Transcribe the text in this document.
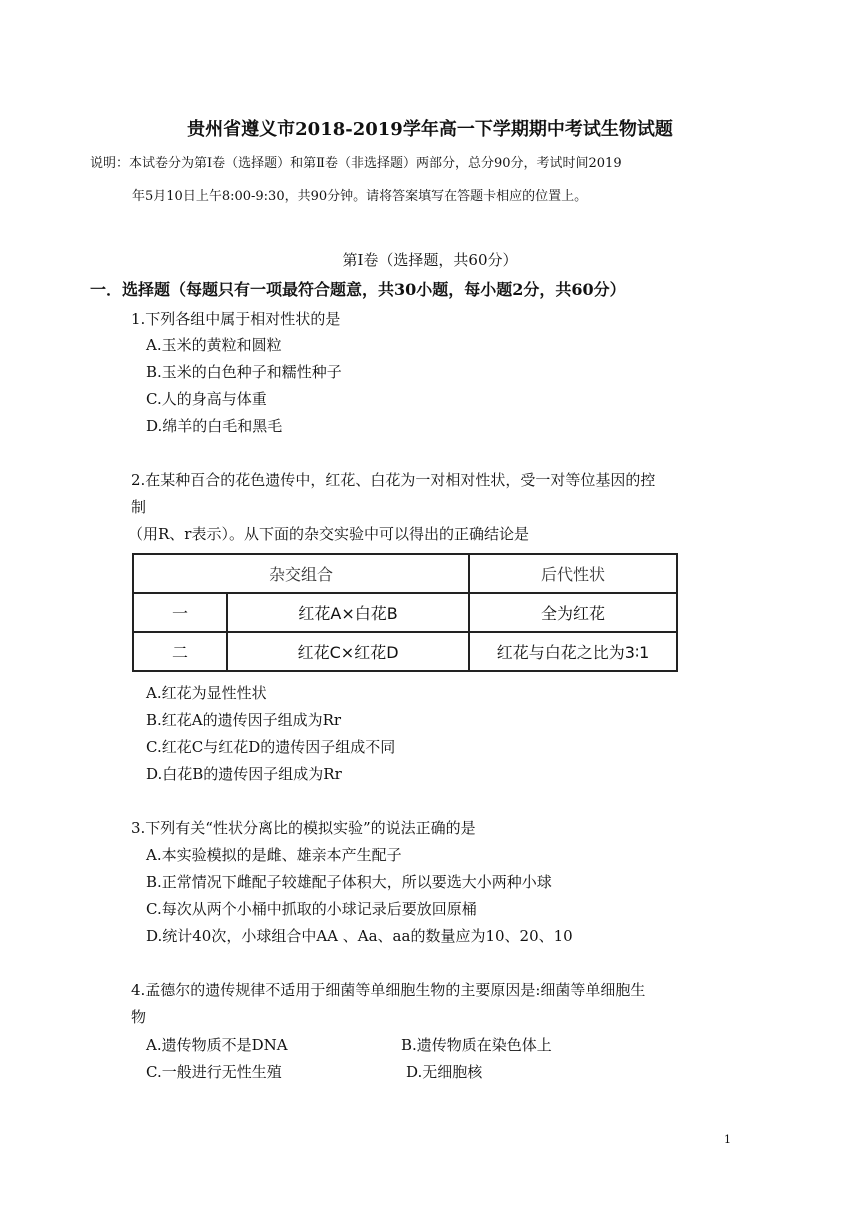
贵州省遵义市2018-2019学年高一下学期期中考试生物试题
说明：本试卷分为第Ⅰ卷（选择题）和第Ⅱ卷（非选择题）两部分，总分90分，考试时间2019
年5月10日上午8:00-9:30，共90分钟。请将答案填写在答题卡相应的位置上。
第Ⅰ卷（选择题，共60分）
一．选择题（每题只有一项最符合题意，共30小题，每小题2分，共60分）
1.下列各组中属于相对性状的是
A.玉米的黄粒和圆粒
B.玉米的白色种子和糯性种子
C.人的身高与体重
D.绵羊的白毛和黑毛
2.在某种百合的花色遗传中，红花、白花为一对相对性状，受一对等位基因的控
制
（用R、r表示）。从下面的杂交实验中可以得出的正确结论是
杂交组合		后代性状
一	红花A×白花B	全为红花
二	红花C×红花D	红花与白花之比为3∶1
A.红花为显性性状
B.红花A的遗传因子组成为Rr
C.红花C与红花D的遗传因子组成不同
D.白花B的遗传因子组成为Rr
3.下列有关“性状分离比的模拟实验”的说法正确的是
A.本实验模拟的是雌、雄亲本产生配子
B.正常情况下雌配子较雄配子体积大，所以要选大小两种小球
C.每次从两个小桶中抓取的小球记录后要放回原桶
D.统计40次，小球组合中AA 、Aa、aa的数量应为10、20、10
4.孟德尔的遗传规律不适用于细菌等单细胞生物的主要原因是:细菌等单细胞生
物
A.遗传物质不是DNA	B.遗传物质在染色体上
C.一般进行无性生殖	D.无细胞核
1
